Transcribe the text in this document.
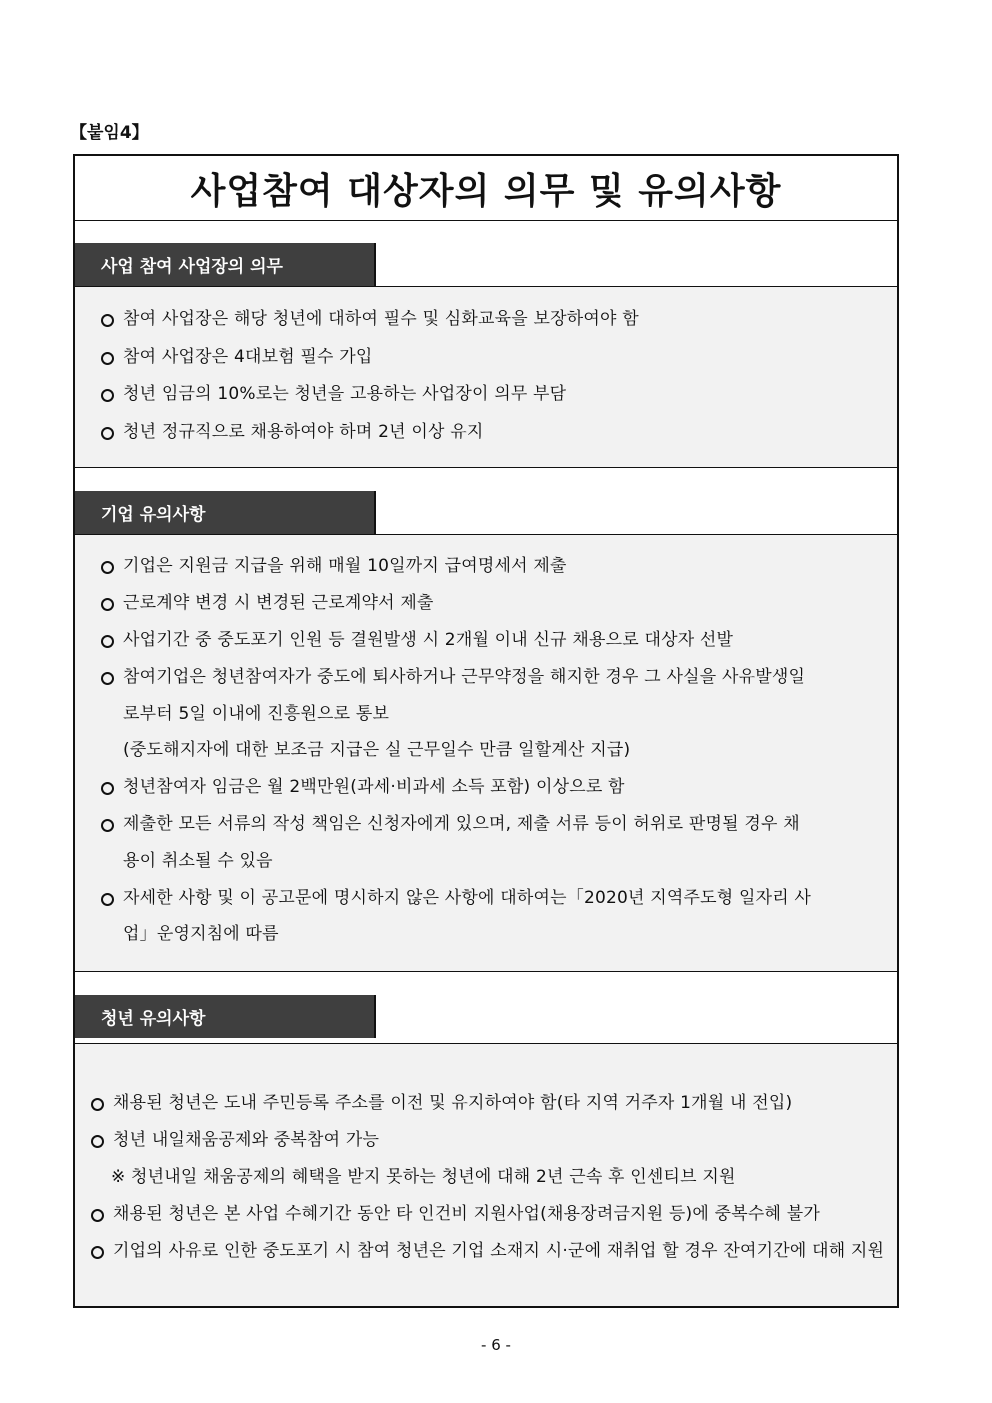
【붙임4】
사업참여 대상자의 의무 및 유의사항
사업 참여 사업장의 의무
참여 사업장은 해당 청년에 대하여 필수 및 심화교육을 보장하여야 함
참여 사업장은 4대보험 필수 가입
청년 임금의 10%로는 청년을 고용하는 사업장이 의무 부담
청년 정규직으로 채용하여야 하며 2년 이상 유지
기업 유의사항
기업은 지원금 지급을 위해 매월 10일까지 급여명세서 제출
근로계약 변경 시 변경된 근로계약서 제출
사업기간 중 중도포기 인원 등 결원발생 시 2개월 이내 신규 채용으로 대상자 선발
참여기업은 청년참여자가 중도에 퇴사하거나 근무약정을 해지한 경우 그 사실을 사유발생일
로부터 5일 이내에 진흥원으로 통보
(중도해지자에 대한 보조금 지급은 실 근무일수 만큼 일할계산 지급)
청년참여자 임금은 월 2백만원(과세·비과세 소득 포함) 이상으로 함
제출한 모든 서류의 작성 책임은 신청자에게 있으며, 제출 서류 등이 허위로 판명될 경우 채
용이 취소될 수 있음
자세한 사항 및 이 공고문에 명시하지 않은 사항에 대하여는「2020년 지역주도형 일자리 사
업」운영지침에 따름
청년 유의사항
채용된 청년은 도내 주민등록 주소를 이전 및 유지하여야 함(타 지역 거주자 1개월 내 전입)
청년 내일채움공제와 중복참여 가능
※ 청년내일 채움공제의 혜택을 받지 못하는 청년에 대해 2년 근속 후 인센티브 지원
채용된 청년은 본 사업 수혜기간 동안 타 인건비 지원사업(채용장려금지원 등)에 중복수혜 불가
기업의 사유로 인한 중도포기 시 참여 청년은 기업 소재지 시·군에 재취업 할 경우 잔여기간에 대해 지원
- 6 -
